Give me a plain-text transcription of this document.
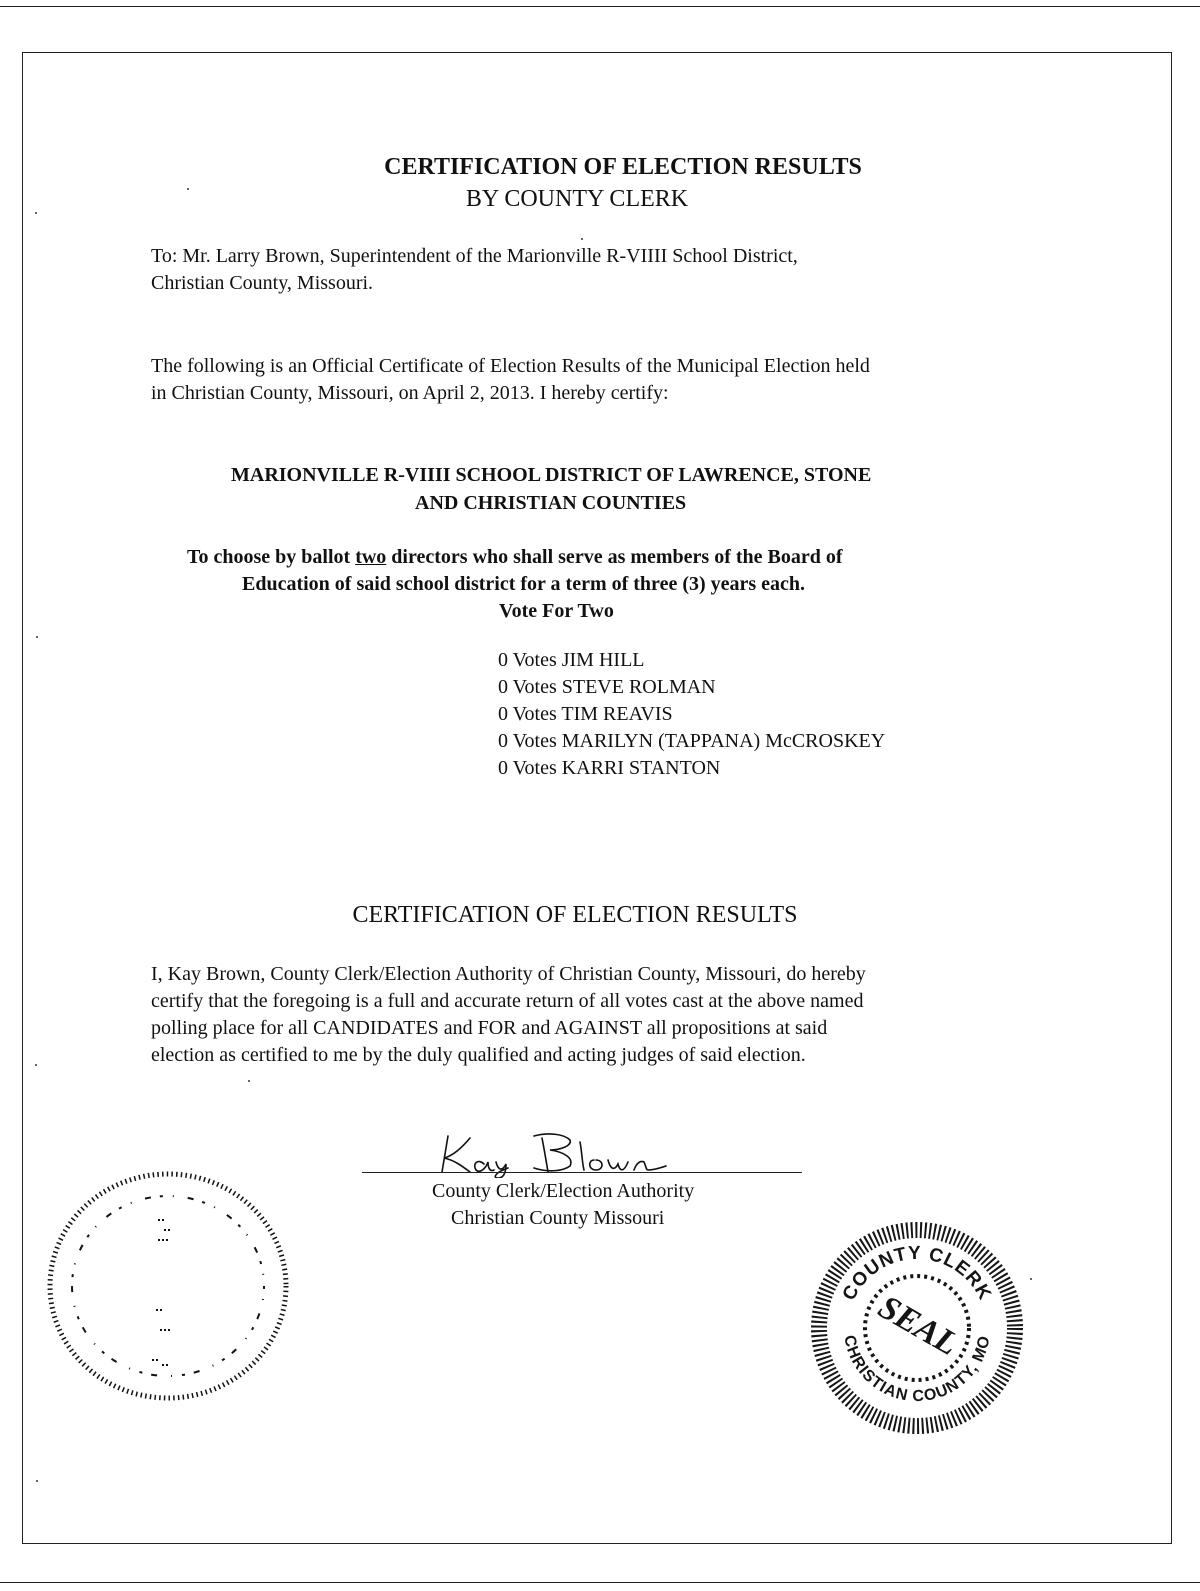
CERTIFICATION OF ELECTION RESULTS
BY COUNTY CLERK
To: Mr. Larry Brown, Superintendent of the Marionville R-VIIII School District,
Christian County, Missouri.
The following is an Official Certificate of Election Results of the Municipal Election held
in Christian County, Missouri, on April 2, 2013. I hereby certify:
MARIONVILLE R-VIIII SCHOOL DISTRICT OF LAWRENCE, STONE
AND CHRISTIAN COUNTIES
To choose by ballot two directors who shall serve as members of the Board of
Education of said school district for a term of three (3) years each.
Vote For Two
0 Votes JIM HILL
0 Votes STEVE ROLMAN
0 Votes TIM REAVIS
0 Votes MARILYN (TAPPANA) McCROSKEY
0 Votes KARRI STANTON
CERTIFICATION OF ELECTION RESULTS
I, Kay Brown, County Clerk/Election Authority of Christian County, Missouri, do hereby
certify that the foregoing is a full and accurate return of all votes cast at the above named
polling place for all CANDIDATES and FOR and AGAINST all propositions at said
election as certified to me by the duly qualified and acting judges of said election.
County Clerk/Election Authority
Christian County Missouri
COUNTY CLERK
CHRISTIAN COUNTY, MO
SEAL
